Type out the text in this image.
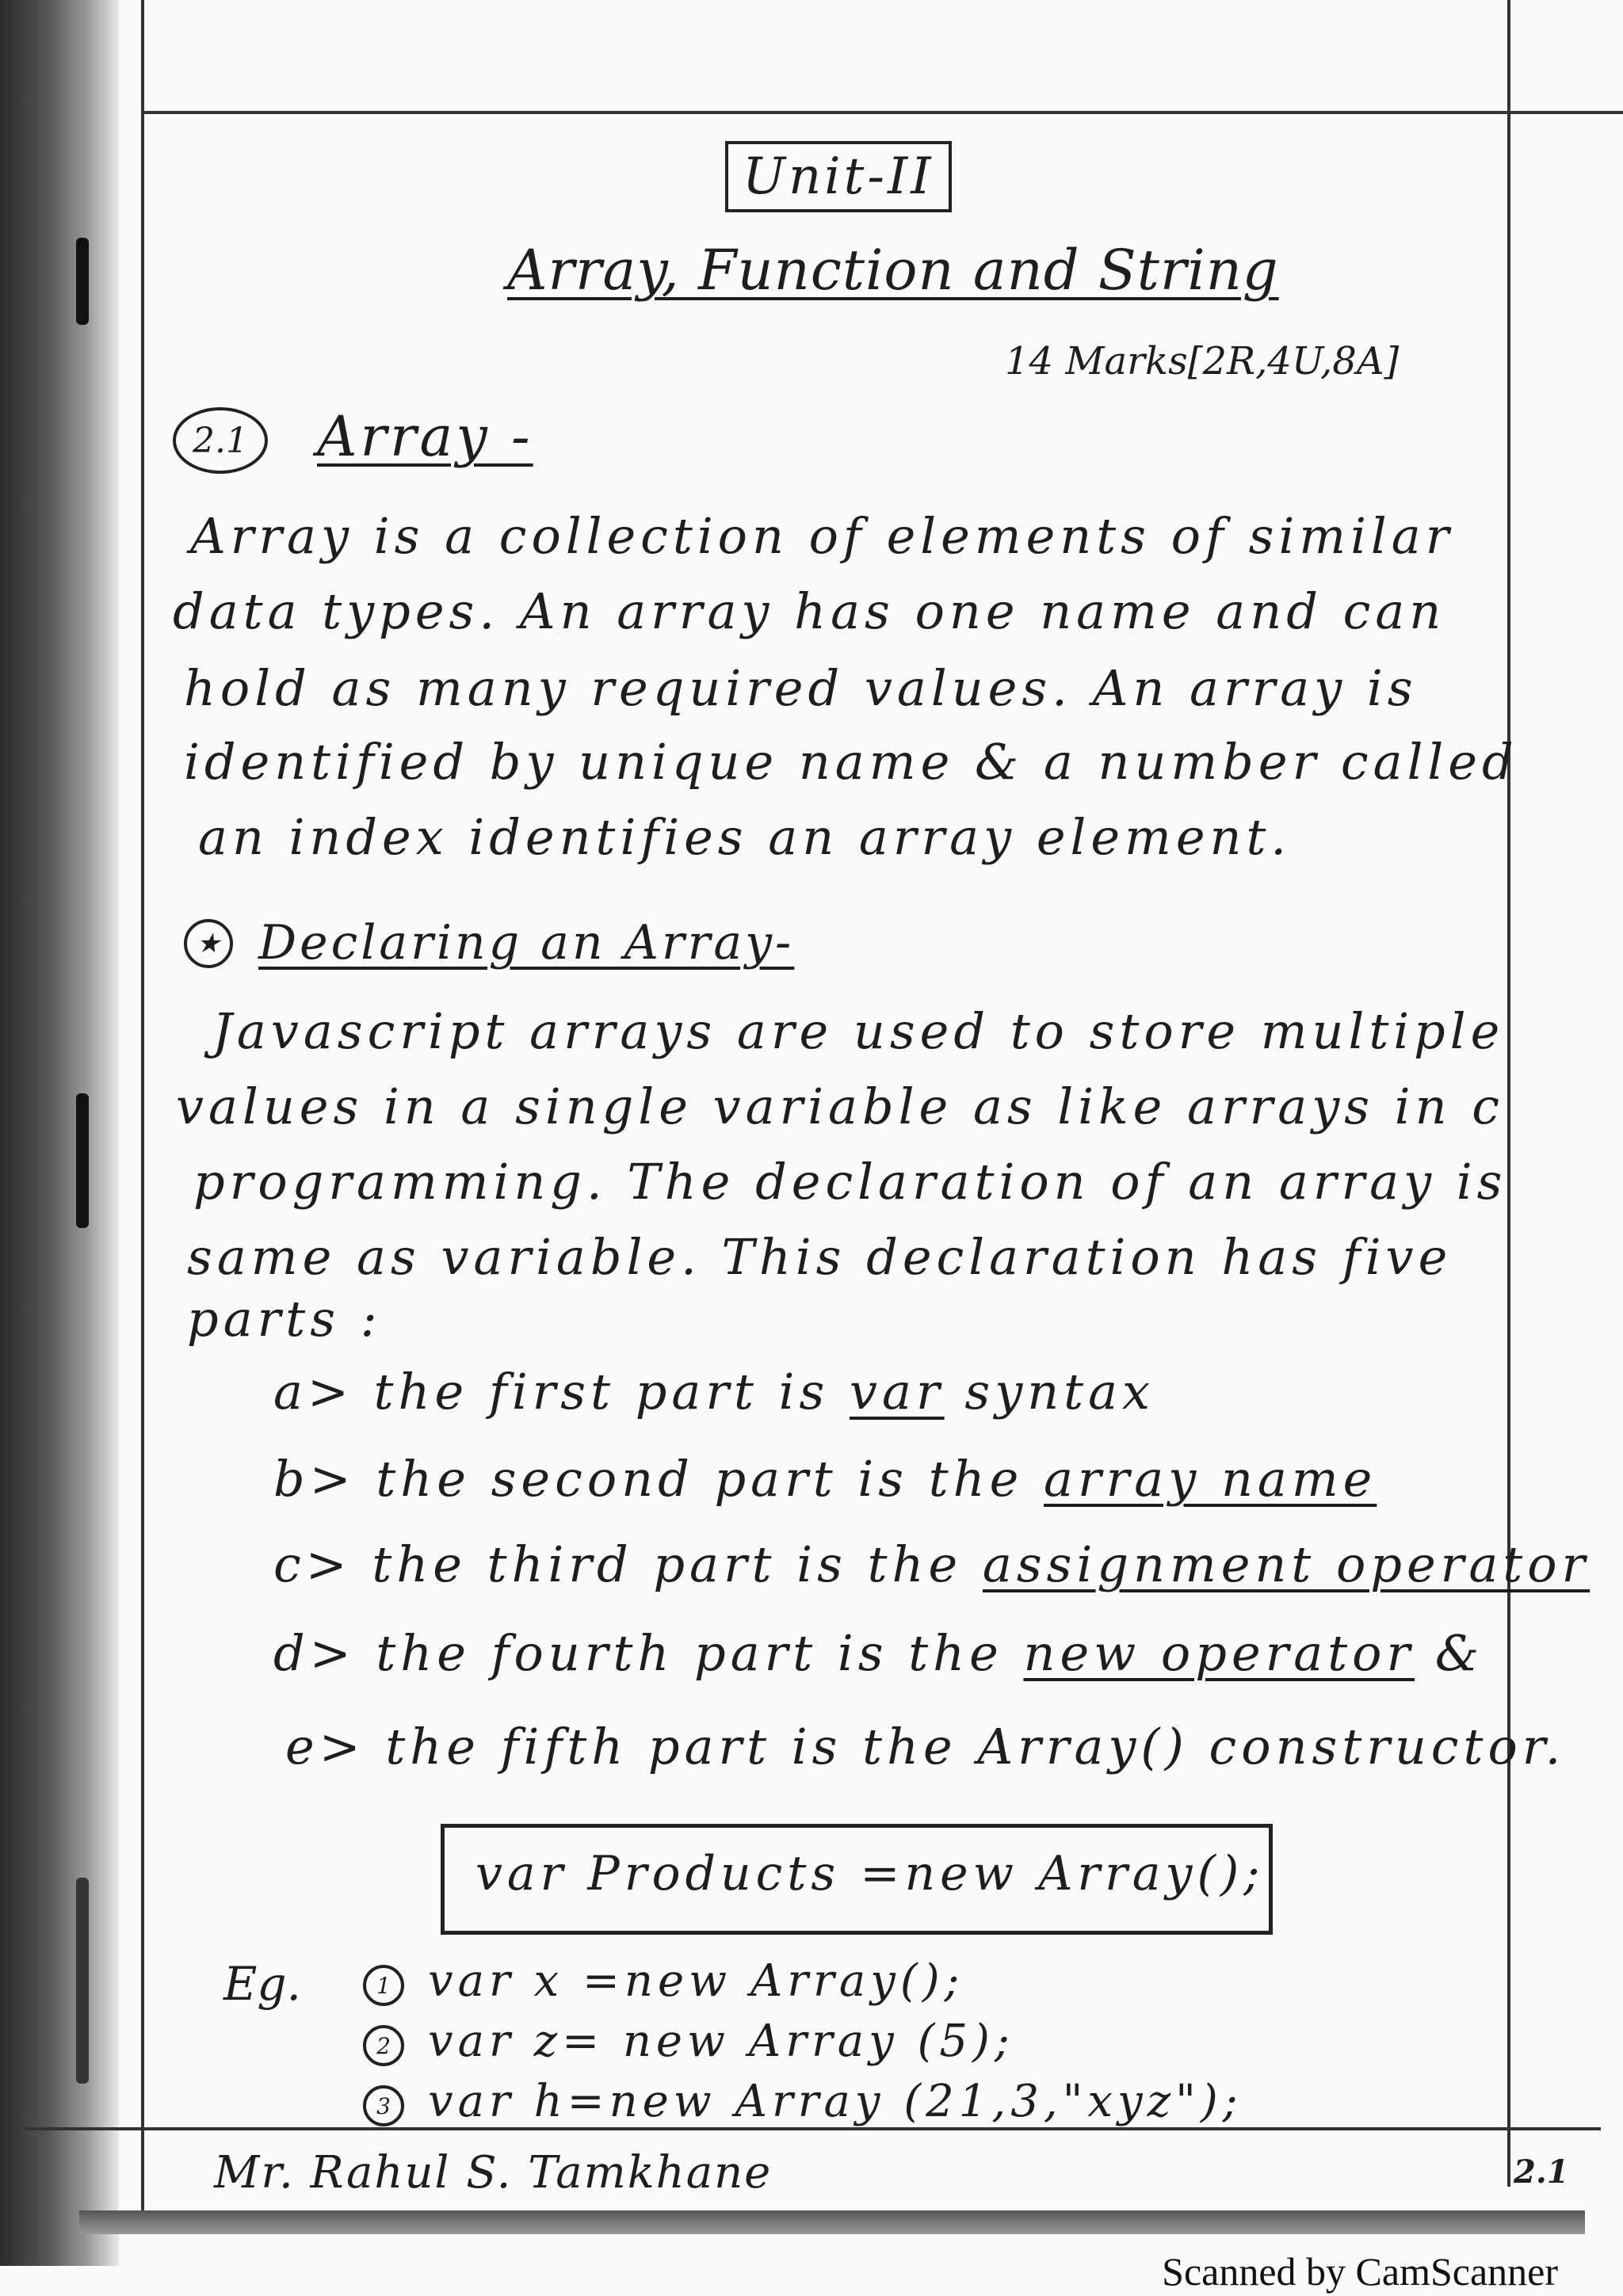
Unit-II
Array, Function and String
14 Marks[2R,4U,8A]
2.1	Array -
Array is a collection of elements of similar
data types. An array has one name and can
hold as many required values. An array is
identified by unique name & a number called
an index identifies an array element.
★ Declaring an Array-
Javascript arrays are used to store multiple
values in a single variable as like arrays in c
programming. The declaration of an array is
same as variable. This declaration has five
parts :
a> the first part is var syntax
b> the second part is the array name
c> the third part is the assignment operator
d> the fourth part is the new operator &
e> the fifth part is the Array() constructor.
var Products =new Array();
Eg.	1 var x =new Array();
2 var z= new Array (5);
3 var h=new Array (21,3,"xyz");
Mr. Rahul S. Tamkhane	2.1
Scanned by CamScanner
